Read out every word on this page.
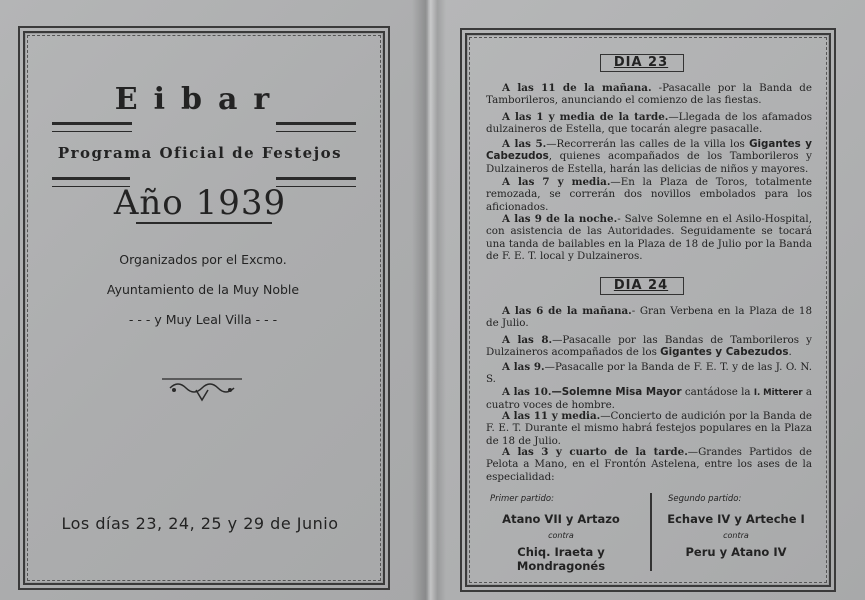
Eibar
Programa Oficial de Festejos
Año 1939
Organizados por el Excmo.
Ayuntamiento de la Muy Noble
- - - y Muy Leal Villa - - -
Los días 23, 24, 25 y 29 de Junio
DIA 23
A las 11 de la mañana. -Pasacalle por la Banda de Tamborileros, anunciando el comienzo de las fiestas.
A las 1 y media de la tarde.—Llegada de los afamados dulzaineros de Estella, que tocarán alegre pasacalle.
A las 5.—Recorrerán las calles de la villa los Gigantes y Cabezudos, quienes acompañados de los Tamborileros y Dulzaineros de Estella, harán las delicias de niños y mayores.
A las 7 y media.—En la Plaza de Toros, totalmente remozada, se correrán dos novillos embolados para los aficionados.
A las 9 de la noche.- Salve Solemne en el Asilo-Hospital, con asistencia de las Autoridades. Seguidamente se tocará una tanda de bailables en la Plaza de 18 de Julio por la Banda de F. E. T. local y Dulzaineros.
DIA 24
A las 6 de la mañana.- Gran Verbena en la Plaza de 18 de Julio.
A las 8.—Pasacalle por las Bandas de Tamborileros y Dulzaineros acompañados de los Gigantes y Cabezudos.
A las 9.—Pasacalle por la Banda de F. E. T. y de las J. O. N. S.
A las 10.—Solemne Misa Mayor cantádose la I. Mitterer a cuatro voces de hombre.
A las 11 y media.—Concierto de audición por la Banda de F. E. T. Durante el mismo habrá festejos populares en la Plaza de 18 de Julio.
A las 3 y cuarto de la tarde.—Grandes Partidos de Pelota a Mano, en el Frontón Astelena, entre los ases de la especialidad:
Primer partido:
Atano VII y Artazo
contra
Chiq. Iraeta y Mondragonés
Segundo partido:
Echave IV y Arteche I
contra
Peru y Atano IV
